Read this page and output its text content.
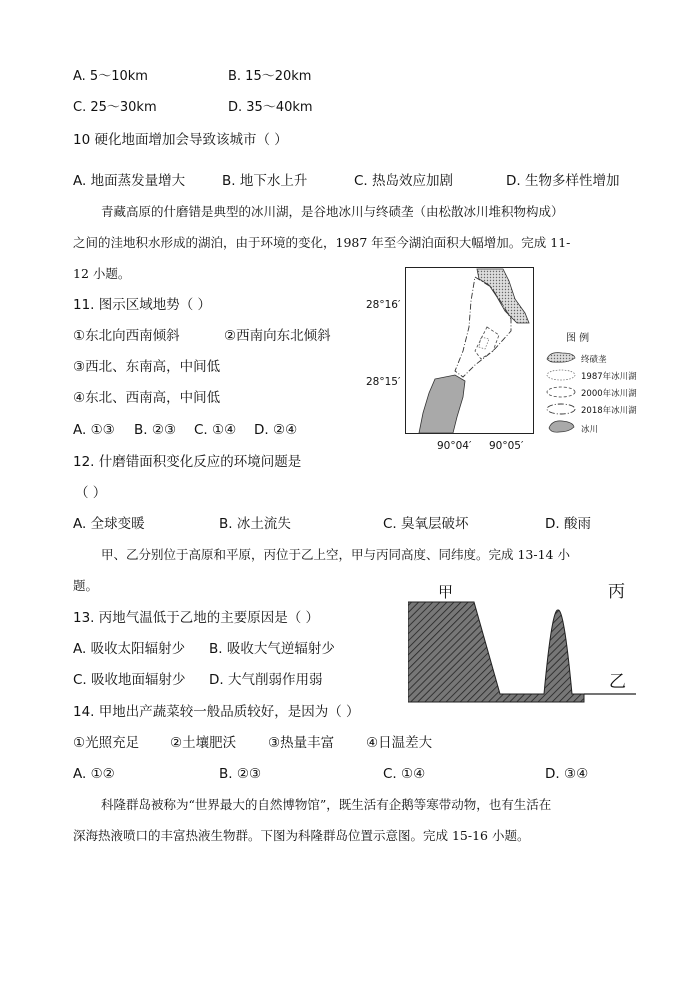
A. 5～10km	B. 15～20km
C. 25～30km	D. 35～40km
10 硬化地面增加会导致该城市（ ）
A. 地面蒸发量增大	B. 地下水上升	C. 热岛效应加剧	D. 生物多样性增加
青藏高原的什磨错是典型的冰川湖，是谷地冰川与终碛垄（由松散冰川堆积物构成）
之间的洼地积水形成的湖泊，由于环境的变化，1987 年至今湖泊面积大幅增加。完成 11-
12 小题。
11. 图示区域地势（ ）
①东北向西南倾斜	②西南向东北倾斜
③西北、东南高，中间低
④东北、西南高，中间低
A. ①③ B. ②③ C. ①④ D. ②④
28°16′
28°15′
90°04′ 90°05′
图 例
终碛垄
1987年冰川湖
2000年冰川湖
2018年冰川湖
冰川
12. 什磨错面积变化反应的环境问题是
（ ）
A. 全球变暖	B. 冰土流失	C. 臭氧层破坏	D. 酸雨
甲、乙分别位于高原和平原，丙位于乙上空，甲与丙同高度、同纬度。完成 13-14 小
题。	甲	丙
乙
13. 丙地气温低于乙地的主要原因是（ ）
A. 吸收太阳辐射少 B. 吸收大气逆辐射少
C. 吸收地面辐射少 D. 大气削弱作用弱
14. 甲地出产蔬菜较一般品质较好，是因为（ ）
①光照充足 ②土壤肥沃 ③热量丰富 ④日温差大
A. ①②	B. ②③	C. ①④	D. ③④
科隆群岛被称为“世界最大的自然博物馆”，既生活有企鹅等寒带动物，也有生活在
深海热液喷口的丰富热液生物群。下图为科隆群岛位置示意图。完成 15-16 小题。
